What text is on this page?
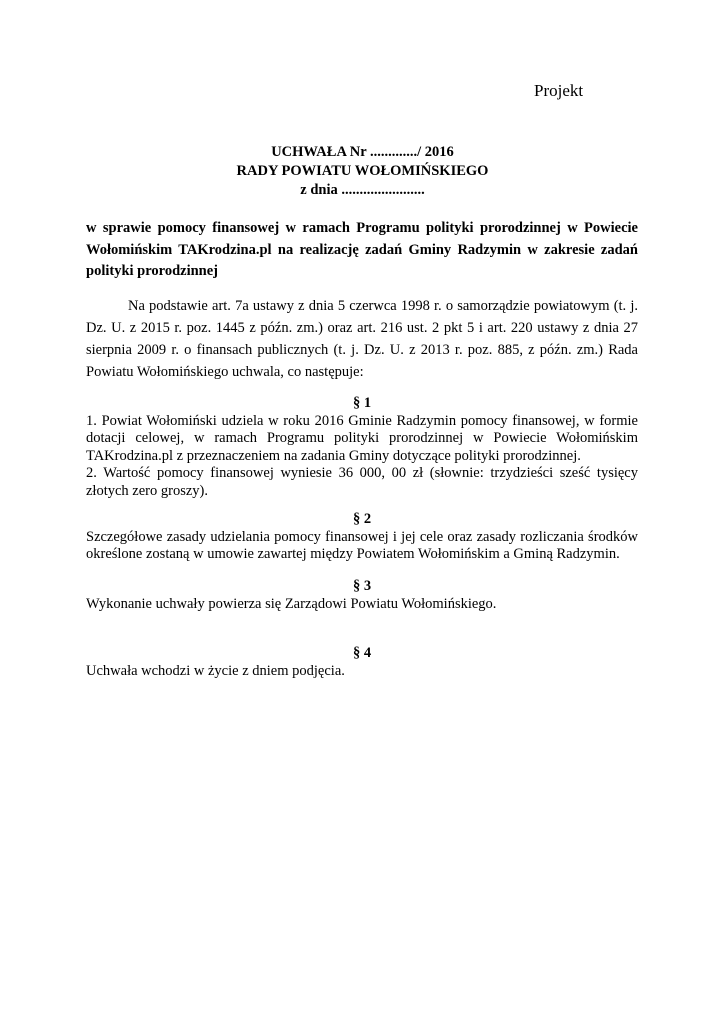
Projekt
UCHWAŁA Nr ............./ 2016
RADY POWIATU WOŁOMIŃSKIEGO
z dnia .......................
w sprawie pomocy finansowej w ramach Programu polityki prorodzinnej w Powiecie Wołomińskim TAKrodzina.pl na realizację zadań Gminy Radzymin w zakresie zadań polityki prorodzinnej
Na podstawie art. 7a ustawy z dnia 5 czerwca 1998 r. o samorządzie powiatowym (t. j. Dz. U. z 2015 r. poz. 1445 z późn. zm.) oraz art. 216 ust. 2 pkt 5 i art. 220 ustawy z dnia 27 sierpnia 2009 r. o finansach publicznych (t. j. Dz. U. z 2013 r. poz. 885, z późn. zm.) Rada Powiatu Wołomińskiego uchwala, co następuje:
§ 1
1. Powiat Wołomiński udziela w roku 2016 Gminie Radzymin pomocy finansowej, w formie
dotacji celowej, w ramach Programu polityki prorodzinnej w Powiecie Wołomińskim
TAKrodzina.pl z przeznaczeniem na zadania Gminy dotyczące polityki prorodzinnej.
2. Wartość pomocy finansowej wyniesie 36 000, 00 zł (słownie: trzydzieści sześć tysięcy
złotych zero groszy).
§ 2
Szczegółowe zasady udzielania pomocy finansowej i jej cele oraz zasady rozliczania środków
określone zostaną w umowie zawartej między Powiatem Wołomińskim a Gminą Radzymin.
§ 3
Wykonanie uchwały powierza się Zarządowi Powiatu Wołomińskiego.
§ 4
Uchwała wchodzi w życie z dniem podjęcia.
